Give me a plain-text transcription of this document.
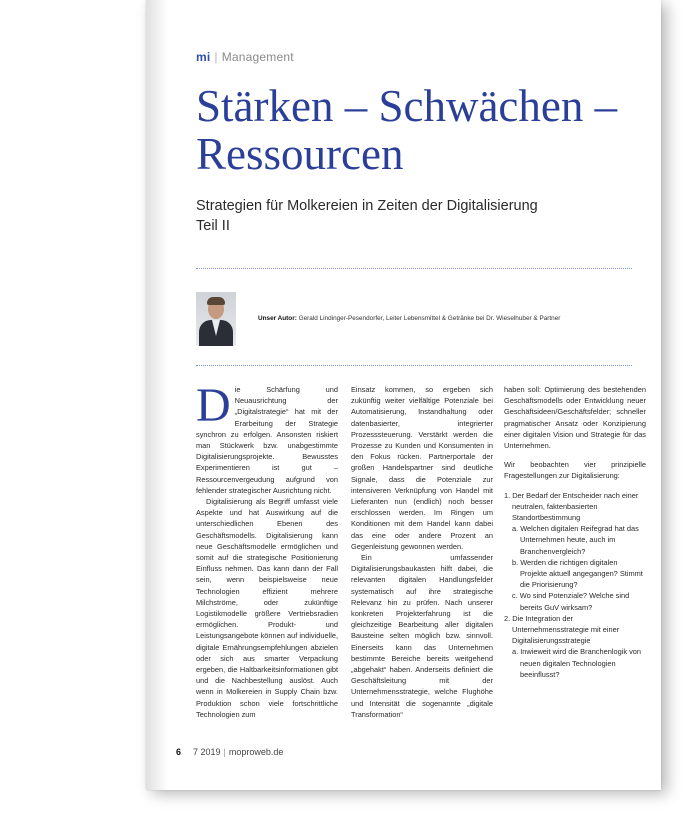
mi | Management
Stärken – Schwächen – Ressourcen
Strategien für Molkereien in Zeiten der Digitalisierung
Teil II
Unser Autor: Gerald Lindinger-Pesendorfer, Leiter Lebensmittel & Getränke bei Dr. Wieselhuber & Partner
D ie Schärfung und Neuausrichtung der „Digitalstrategie“ hat mit der Erarbeitung der Strategie synchron zu erfolgen. Ansonsten riskiert man Stückwerk bzw. unabgestimmte Digitalisierungsprojekte. Bewusstes Experimentieren ist gut – Ressourcenvergeudung aufgrund von fehlender strategischer Ausrichtung nicht.

Digitalisierung als Begriff umfasst viele Aspekte und hat Auswirkung auf die unterschiedlichen Ebenen des Geschäftsmodells. Digitalisierung kann neue Geschäftsmodelle ermöglichen und somit auf die strategische Positionierung Einfluss nehmen. Das kann dann der Fall sein, wenn beispielsweise neue Technologien effizient mehrere Milchströme, oder zukünftige Logistikmodelle größere Vertriebsradien ermöglichen. Produkt- und Leistungsangebote können auf individuelle, digitale Ernährungsempfehlungen abzielen oder sich aus smarter Verpackung ergeben, die Haltbarkeitsinformationen gibt und die Nachbestellung auslöst. Auch wenn in Molkereien in Supply Chain bzw. Produktion schon viele fortschrittliche Technologien zum

Einsatz kommen, so ergeben sich zukünftig weiter vielfältige Potenziale bei Automatisierung, Instandhaltung oder datenbasierter, integrierter Prozesssteuerung. Verstärkt werden die Prozesse zu Kunden und Konsumenten in den Fokus rücken. Partnerportale der großen Handelspartner sind deutliche Signale, dass die Potenziale zur intensiveren Verknüpfung von Handel mit Lieferanten nun (endlich) noch besser erschlossen werden. Im Ringen um Konditionen mit dem Handel kann dabei das eine oder andere Prozent an Gegenleistung gewonnen werden.

Ein umfassender Digitalisierungsbaukasten hilft dabei, die relevanten digitalen Handlungsfelder systematisch auf ihre strategische Relevanz hin zu prüfen. Nach unserer konkreten Projekterfahrung ist die gleichzeitige Bearbeitung aller digitalen Bausteine selten möglich bzw. sinnvoll. Einerseits kann das Unternehmen bestimmte Bereiche bereits weitgehend „abgehakt“ haben. Anderseits definiert die Geschäftsleitung mit der Unternehmensstrategie, welche Flughöhe und Intensität die sogenannte „digitale Transformation“

haben soll: Optimierung des bestehenden Geschäftsmodells oder Entwicklung neuer Geschäftsideen/Geschäftsfelder; schneller pragmatischer Ansatz oder Konzipierung einer digitalen Vision und Strategie für das Unternehmen.

Wir beobachten vier prinzipielle Fragestellungen zur Digitalisierung:

1. Der Bedarf der Entscheider nach einer neutralen, faktenbasierten Standortbestimmung
a. Welchen digitalen Reifegrad hat das Unternehmen heute, auch im Branchenvergleich?
b. Werden die richtigen digitalen Projekte aktuell angegangen? Stimmt die Priorisierung?
c. Wo sind Potenziale? Welche sind bereits GuV wirksam?
2. Die Integration der Unternehmensstrategie mit einer Digitalisierungsstrategie
a. Inwieweit wird die Branchenlogik von neuen digitalen Technologien beeinflusst?
6 7 2019 | moproweb.de
